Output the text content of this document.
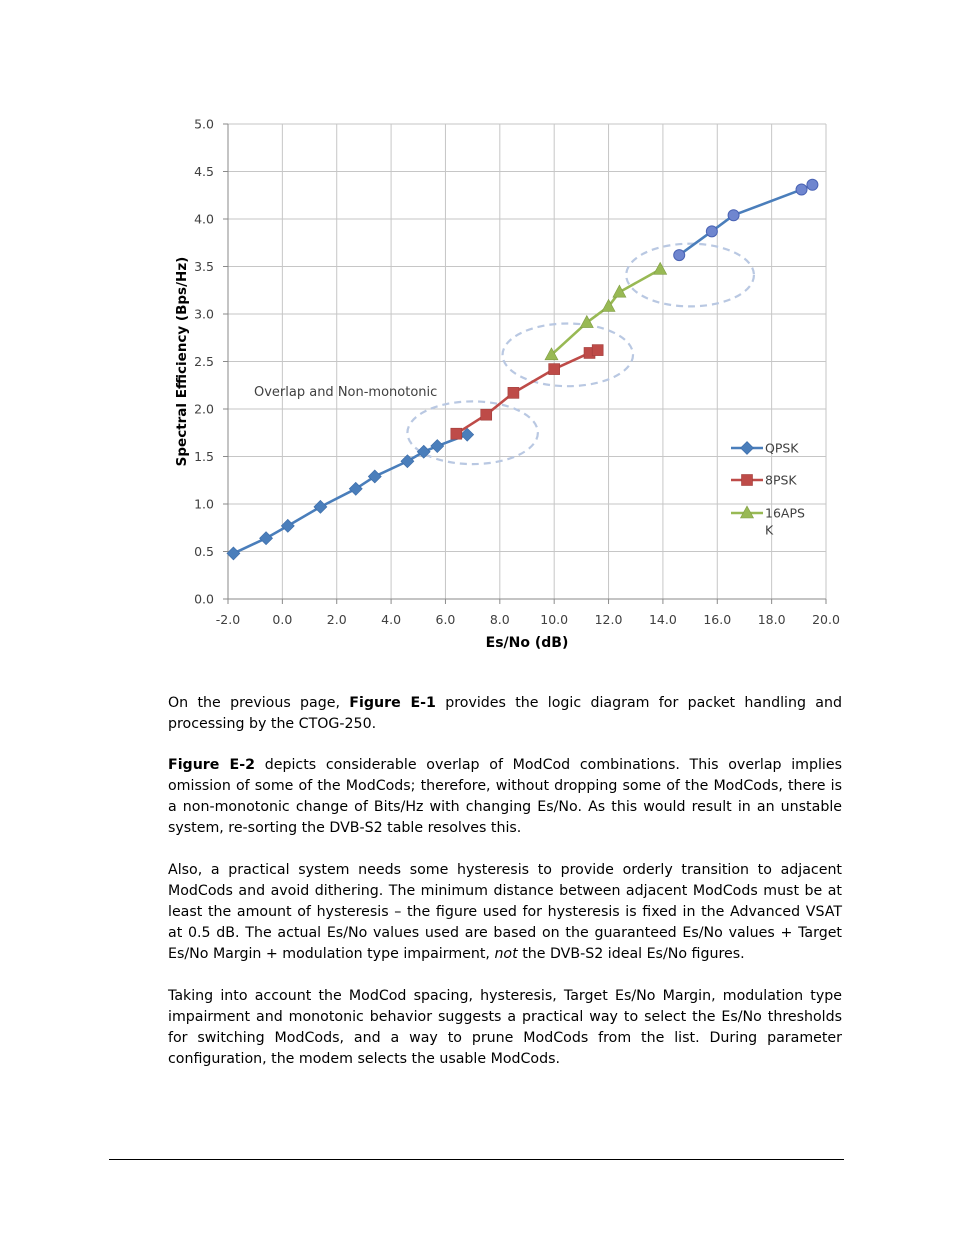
0.0
0.5
1.0
1.5
2.0
2.5
3.0
3.5
4.0
4.5
5.0
-2.0	0.0	2.0	4.0	6.0	8.0 10.0 12.0 14.0 16.0 18.0 20.0
Es/No (dB)
Spectral Efficiency (Bps/Hz)	Overlap and Non-monotonic
QPSK
8PSK
16APS
K

On the previous page, Figure E-1 provides the logic diagram for packet handling and processing by the CTOG-250.

Figure E-2 depicts considerable overlap of ModCod combinations. This overlap implies omission of some of the ModCods; therefore, without dropping some of the ModCods, there is a non-monotonic change of Bits/Hz with changing Es/No. As this would result in an unstable system, re-sorting the DVB-S2 table resolves this.

Also, a practical system needs some hysteresis to provide orderly transition to adjacent ModCods and avoid dithering. The minimum distance between adjacent ModCods must be at least the amount of hysteresis – the figure used for hysteresis is fixed in the Advanced VSAT at 0.5 dB. The actual Es/No values used are based on the guaranteed Es/No values + Target Es/No Margin + modulation type impairment, not the DVB-S2 ideal Es/No figures.

Taking into account the ModCod spacing, hysteresis, Target Es/No Margin, modulation type impairment and monotonic behavior suggests a practical way to select the Es/No thresholds for switching ModCods, and a way to prune ModCods from the list. During parameter configuration, the modem selects the usable ModCods.
